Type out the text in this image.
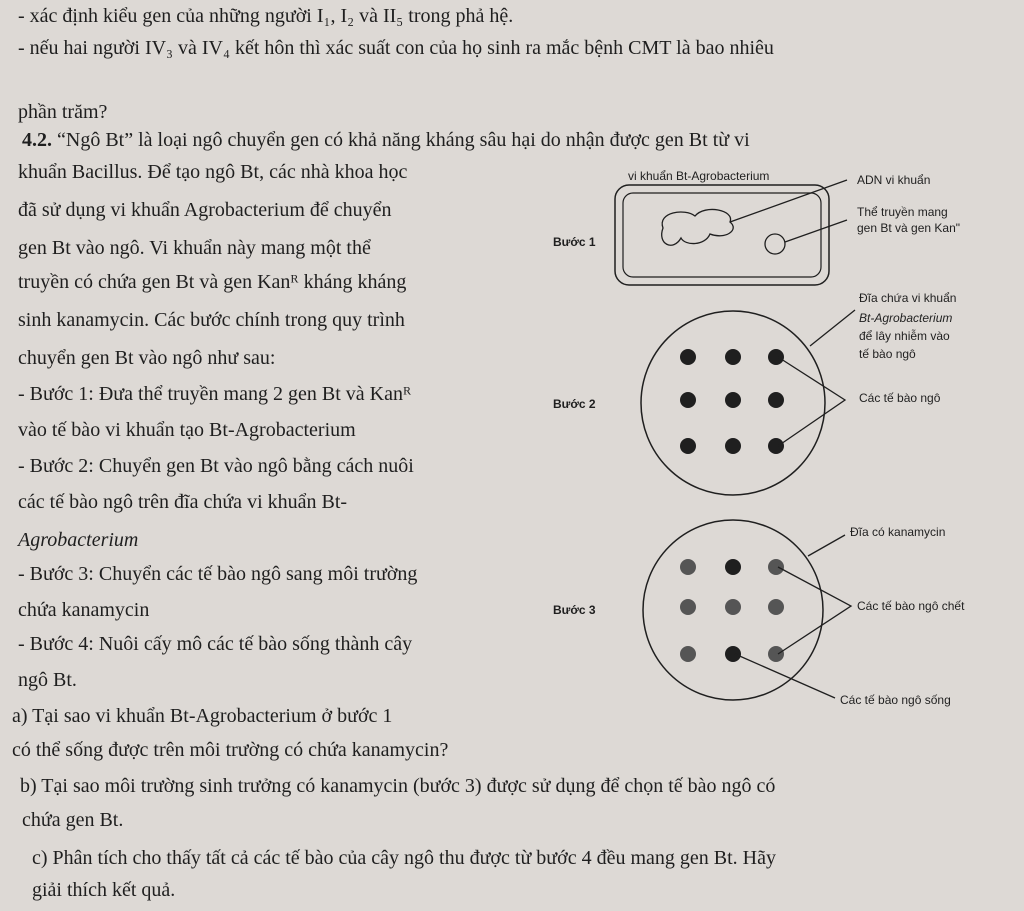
- xác định kiểu gen của những người I₁, I₂ và II₅ trong phả hệ.
- nếu hai người IV₃ và IV₄ kết hôn thì xác suất con của họ sinh ra mắc bệnh CMT là bao nhiêu
phần trăm?
4.2. “Ngô Bt” là loại ngô chuyển gen có khả năng kháng sâu hại do nhận được gen Bt từ vi
khuẩn Bacillus. Để tạo ngô Bt, các nhà khoa học
đã sử dụng vi khuẩn Agrobacterium để chuyển
gen Bt vào ngô. Vi khuẩn này mang một thể
truyền có chứa gen Bt và gen Kanᴿ kháng kháng
sinh kanamycin. Các bước chính trong quy trình
chuyển gen Bt vào ngô như sau:
- Bước 1: Đưa thể truyền mang 2 gen Bt và Kanᴿ
vào tế bào vi khuẩn tạo Bt-Agrobacterium
- Bước 2: Chuyển gen Bt vào ngô bằng cách nuôi
các tế bào ngô trên đĩa chứa vi khuẩn Bt-
Agrobacterium
- Bước 3: Chuyển các tế bào ngô sang môi trường
chứa kanamycin
- Bước 4: Nuôi cấy mô các tế bào sống thành cây
ngô Bt.
a) Tại sao vi khuẩn Bt-Agrobacterium ở bước 1
có thể sống được trên môi trường có chứa kanamycin?
b) Tại sao môi trường sinh trưởng có kanamycin (bước 3) được sử dụng để chọn tế bào ngô có
chứa gen Bt.
c) Phân tích cho thấy tất cả các tế bào của cây ngô thu được từ bước 4 đều mang gen Bt. Hãy
giải thích kết quả.
Bước 1
vi khuẩn Bt-Agrobacterium	ADN vi khuẩn
Thể truyền mang
gen Bt và gen Kan"
Bước 2
Đĩa chứa vi khuẩn
Bt-Agrobacterium
để lây nhiễm vào
tế bào ngô
Các tế bào ngô
Bước 3
Đĩa có kanamycin
Các tế bào ngô chết
Các tế bào ngô sống
